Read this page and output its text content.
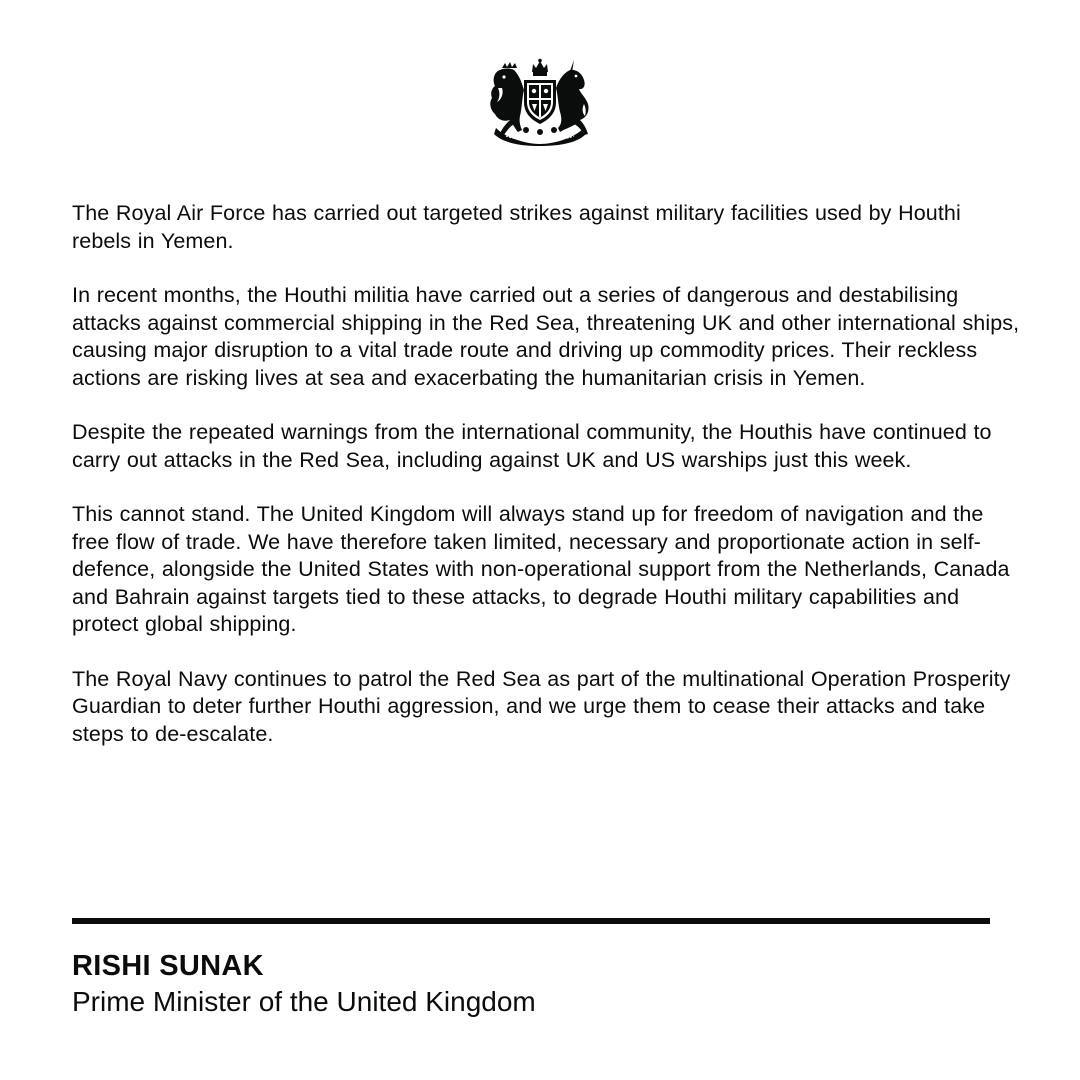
The Royal Air Force has carried out targeted strikes against military facilities used by Houthi rebels in Yemen.

In recent months, the Houthi militia have carried out a series of dangerous and destabilising attacks against commercial shipping in the Red Sea, threatening UK and other international ships, causing major disruption to a vital trade route and driving up commodity prices. Their reckless actions are risking lives at sea and exacerbating the humanitarian crisis in Yemen.

Despite the repeated warnings from the international community, the Houthis have continued to carry out attacks in the Red Sea, including against UK and US warships just this week.

This cannot stand. The United Kingdom will always stand up for freedom of navigation and the free flow of trade. We have therefore taken limited, necessary and proportionate action in self-defence, alongside the United States with non-operational support from the Netherlands, Canada and Bahrain against targets tied to these attacks, to degrade Houthi military capabilities and protect global shipping.

The Royal Navy continues to patrol the Red Sea as part of the multinational Operation Prosperity Guardian to deter further Houthi aggression, and we urge them to cease their attacks and take steps to de-escalate.

RISHI SUNAK
Prime Minister of the United Kingdom
